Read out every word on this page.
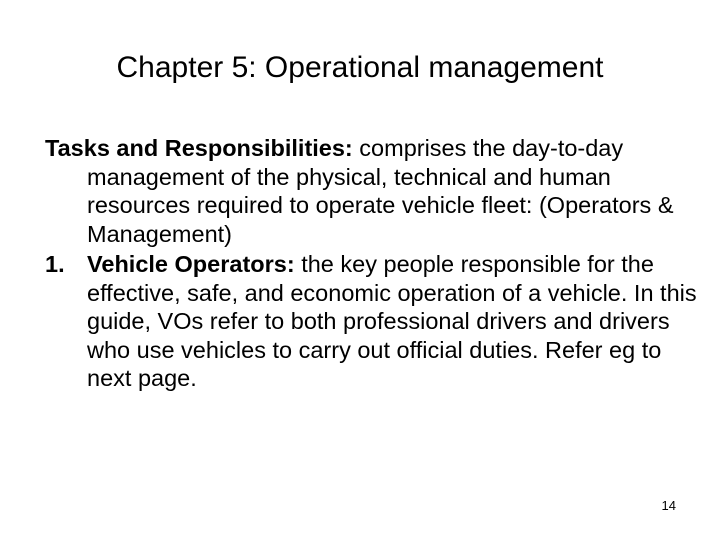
Chapter 5: Operational management

Tasks and Responsibilities: comprises the day-to-day management of the physical, technical and human resources required to operate vehicle fleet: (Operators & Management)

1. Vehicle Operators: the key people responsible for the effective, safe, and economic operation of a vehicle. In this guide, VOs refer to both professional drivers and drivers who use vehicles to carry out official duties. Refer eg to next page.

14
